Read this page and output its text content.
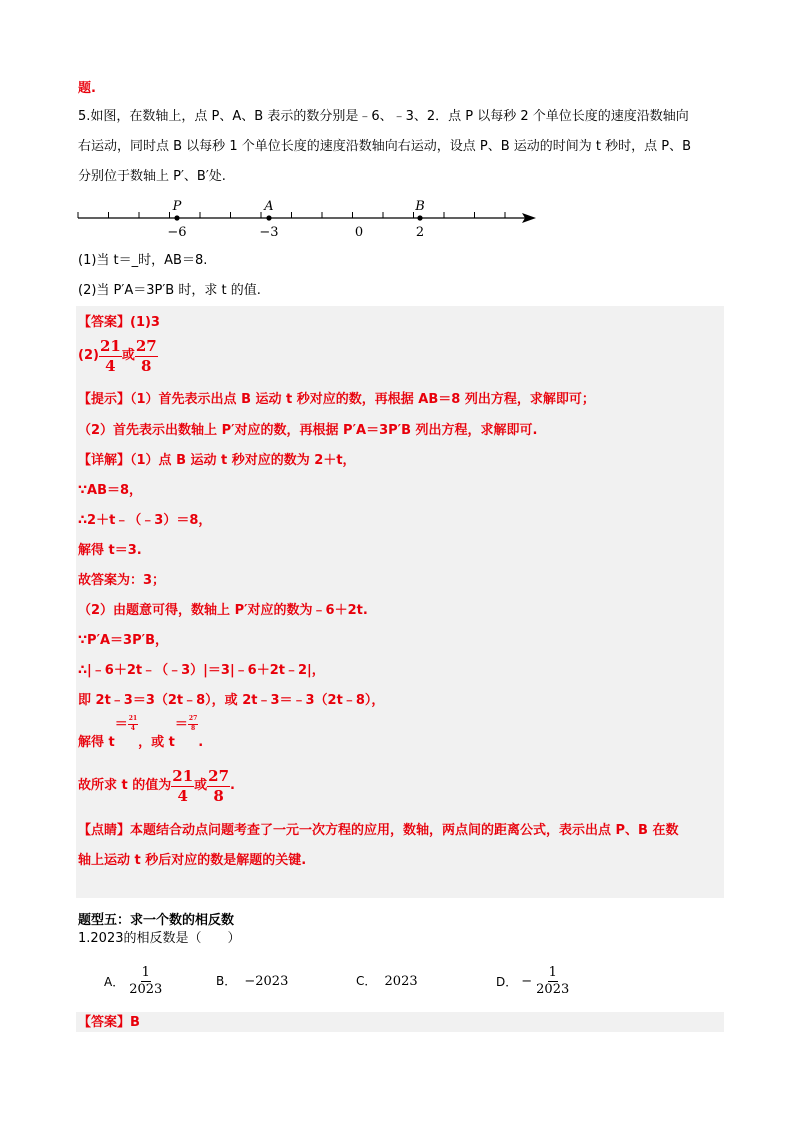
题.
5.如图，在数轴上，点 P、A、B 表示的数分别是﹣6、﹣3、2．点 P 以每秒 2 个单位长度的速度沿数轴向
右运动，同时点 B 以每秒 1 个单位长度的速度沿数轴向右运动，设点 P、B 运动的时间为 t 秒时，点 P、B
分别位于数轴上 P′、B′处.
P	A	B
−6	−3	0	2
(1)当 t＝_时，AB＝8.
(2)当 P′A＝3P′B 时，求 t 的值.
【答案】(1)3
$(2) \frac{21}{4}$ 或 $\frac{27}{8}$
【提示】（1）首先表示出点 B 运动 t 秒对应的数，再根据 AB＝8 列出方程，求解即可；
（2）首先表示出数轴上 P′对应的数，再根据 P′A＝3P′B 列出方程，求解即可.
【详解】（1）点 B 运动 t 秒对应的数为 2＋t，
∵AB＝8，
∴2＋t﹣（﹣3）＝8，
解得 t＝3.
故答案为：3；
（2）由题意可得，数轴上 P′对应的数为﹣6＋2t.
∵P′A＝3P′B，
∴|﹣6＋2t﹣（﹣3）|＝3|﹣6＋2t﹣2|，
即 2t﹣3＝3（2t﹣8），或 2t﹣3＝﹣3（2t﹣8），
解得 t
＝ $\frac{21}{4}$
，或 t
＝ $\frac{27}{8}$
.
故所求 t 的值为 $\frac{21}{4}$ 或 $\frac{27}{8}$ .
【点睛】本题结合动点问题考查了一元一次方程的应用，数轴，两点间的距离公式，表示出点 P、B 在数
轴上运动 t 秒后对应的数是解题的关键.
题型五：求一个数的相反数
1.2023的相反数是（　　）
A． $\frac{1}{2023}$	B． −2023	C． 2023	D． − $\frac{1}{2023}$
【答案】B
